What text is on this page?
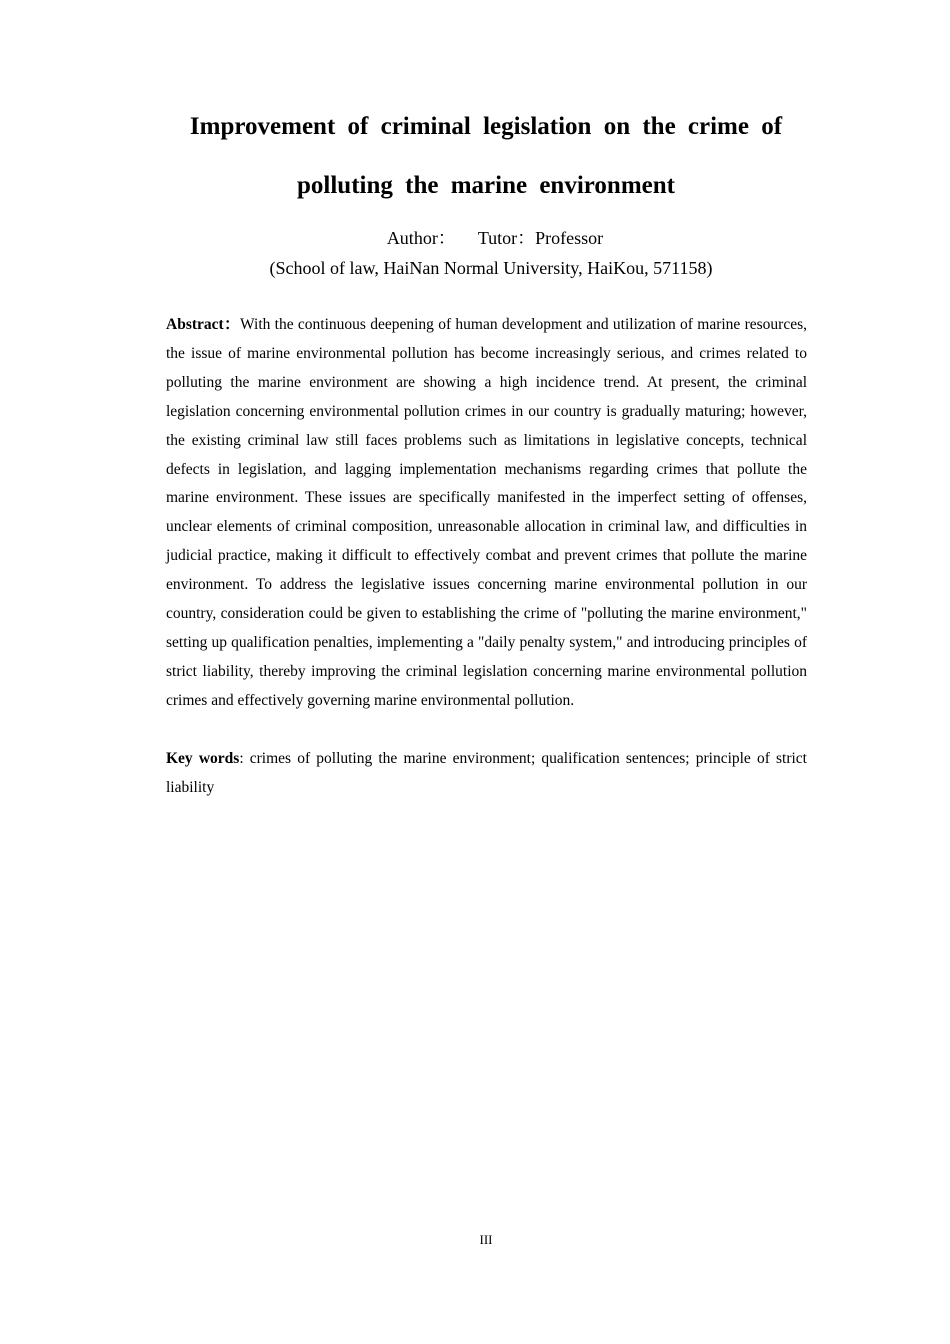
Improvement of criminal legislation on the crime of
polluting the marine environment
Author： Tutor：Professor
(School of law, HaiNan Normal University, HaiKou, 571158)

Abstract：With the continuous deepening of human development and utilization of marine resources, the issue of marine environmental pollution has become increasingly serious, and crimes related to polluting the marine environment are showing a high incidence trend. At present, the criminal legislation concerning environmental pollution crimes in our country is gradually maturing; however, the existing criminal law still faces problems such as limitations in legislative concepts, technical defects in legislation, and lagging implementation mechanisms regarding crimes that pollute the marine environment. These issues are specifically manifested in the imperfect setting of offenses, unclear elements of criminal composition, unreasonable allocation in criminal law, and difficulties in judicial practice, making it difficult to effectively combat and prevent crimes that pollute the marine environment. To address the legislative issues concerning marine environmental pollution in our country, consideration could be given to establishing the crime of "polluting the marine environment," setting up qualification penalties, implementing a "daily penalty system," and introducing principles of strict liability, thereby improving the criminal legislation concerning marine environmental pollution crimes and effectively governing marine environmental pollution.

Key words: crimes of polluting the marine environment; qualification sentences; principle of strict liability

III
